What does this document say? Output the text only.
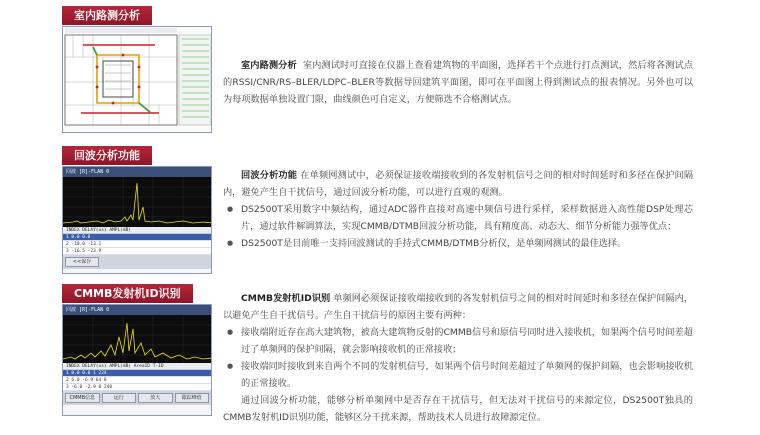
室内路测分析

室内路测分析 室内测试时可直接在仪器上查看建筑物的平面图，选择若干个点进行打点测试，然后将各测试点的RSSI/CNR/RS–BLER/LDPC–BLER等数据导回建筑平面图，即可在平面图上得到测试点的报表情况。另外也可以为每项数据单独设置门限，曲线颜色可自定义，方便筛选不合格测试点。

回波分析功能
回波 [R]-FLAN 0
INDEX DELAY(us) AMPL(dB)
1 0.0 0.0
2 -10.0 -13.1
3 -16.5 -23.9
<<保存

回波分析功能 在单频网测试中，必须保证接收端接收到的各发射机信号之间的相对时间延时和多径在保护间隔内，避免产生自干扰信号，通过回波分析功能，可以进行直观的观测。

● DS2500T采用数字中频结构，通过ADC器件直接对高速中频信号进行采样，采样数据进入高性能DSP处理芯片，通过软件解调算法，实现CMMB/DTMB回波分析功能，具有精度高、动态大、细节分析能力强等优点；

● DS2500T是目前唯一支持回波测试的手持式CMMB/DTMB分析仪，是单频网测试的最佳选择。

CMMB发射机ID识别
回波 [R]-FLAN 0
INDEX DELAY(us) AMPL(dB) AreaID T-ID
1 0.0 0.0 1 224
2 6.0 -6.9 64 8
3 -6.0 -2.9 0 240
CMMB信息	运行	放大	跟踪峰值

CMMB发射机ID识别 单频网必须保证接收端接收到的各发射机信号之间的相对时间延时和多径在保护间隔内，以避免产生自干扰信号。产生自干扰信号的原因主要有两种：

● 接收端附近存在高大建筑物，被高大建筑物反射的CMMB信号和原信号同时进入接收机，如果两个信号时间差超过了单频网的保护间隔，就会影响接收机的正常接收；

● 接收端同时接收到来自两个不同的发射机信号，如果两个信号时间差超过了单频网的保护间隔，也会影响接收机的正常接收。

通过回波分析功能，能够分析单频网中是否存在干扰信号，但无法对干扰信号的来源定位，DS2500T独具的CMMB发射机ID识别功能，能够区分干扰来源，帮助技术人员进行故障源定位。
